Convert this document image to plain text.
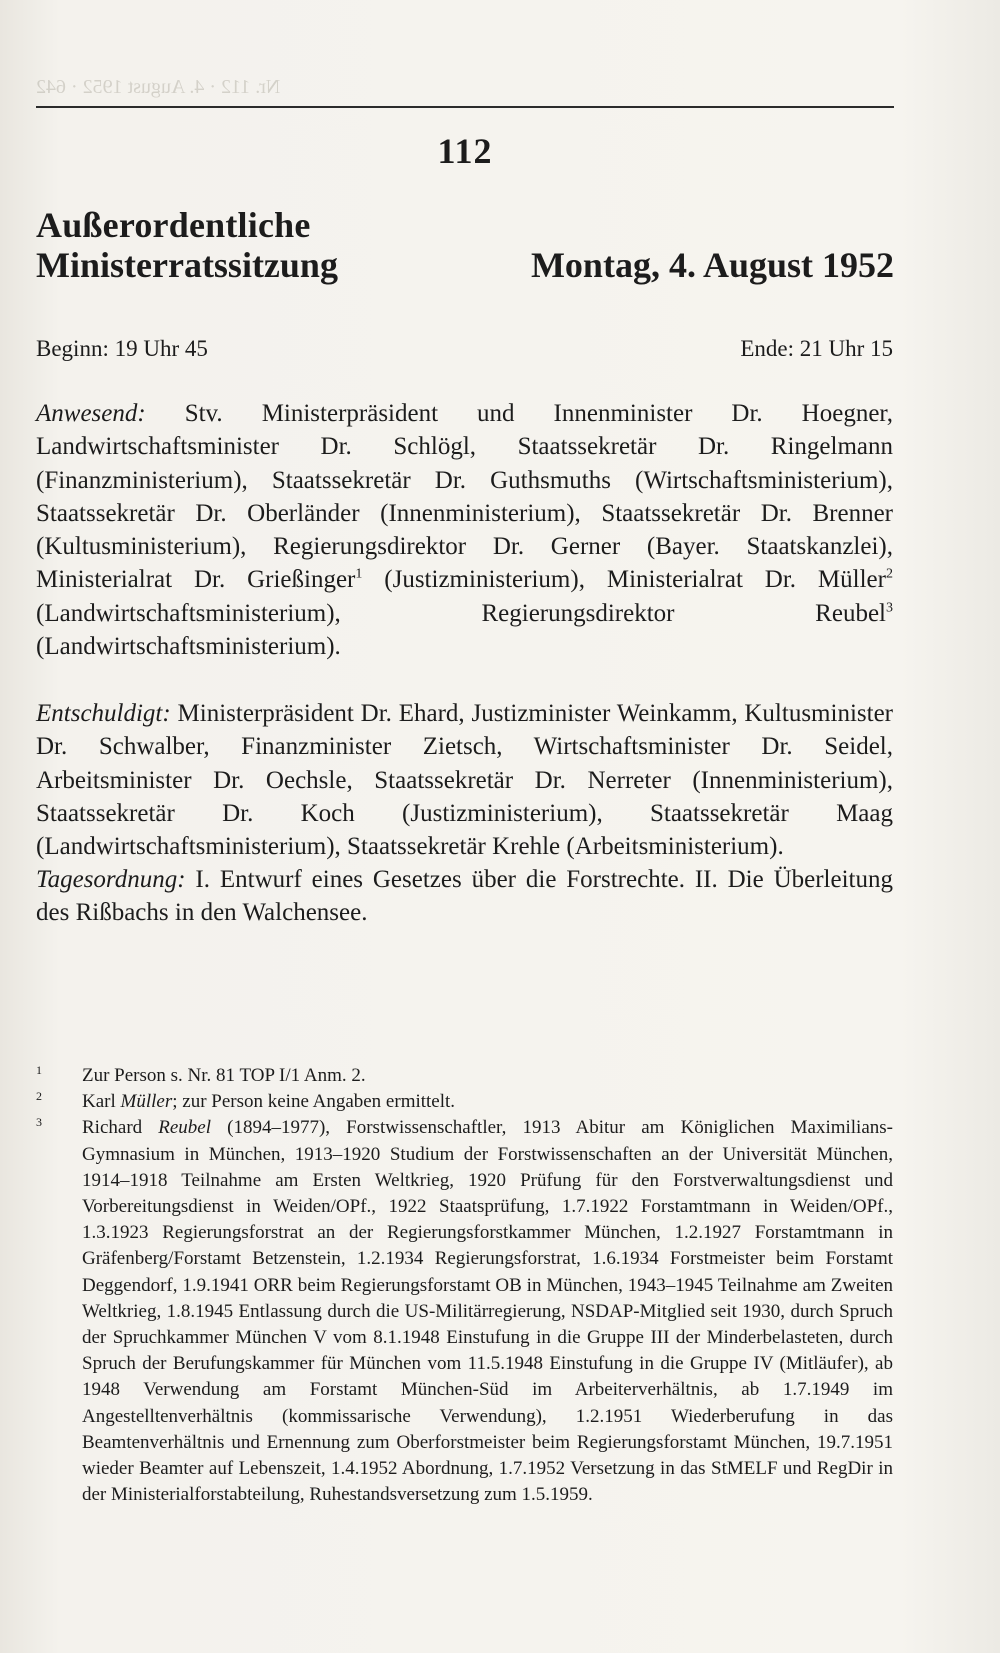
Nr. 112 · 4. August 1952 · 642
112
Außerordentliche
Ministerratssitzung	Montag, 4. August 1952
Beginn: 19 Uhr 45	Ende: 21 Uhr 15
Anwesend: Stv. Ministerpräsident und Innenminister Dr. Hoegner, Landwirtschaftsminister Dr. Schlögl, Staatssekretär Dr. Ringelmann (Finanzministerium), Staatssekretär Dr. Guthsmuths (Wirtschaftsministerium), Staatssekretär Dr. Oberländer (Innenministerium), Staatssekretär Dr. Brenner (Kultusministerium), Regierungsdirektor Dr. Gerner (Bayer. Staatskanzlei), Ministerialrat Dr. Grießinger$^1$ (Justizministerium), Ministerialrat Dr. Müller$^2$ (Landwirtschaftsministerium), Regierungsdirektor Reubel$^3$ (Landwirtschaftsministerium).
Entschuldigt: Ministerpräsident Dr. Ehard, Justizminister Weinkamm, Kultusminister Dr. Schwalber, Finanzminister Zietsch, Wirtschaftsminister Dr. Seidel, Arbeitsminister Dr. Oechsle, Staatssekretär Dr. Nerreter (Innenministerium), Staatssekretär Dr. Koch (Justizministerium), Staatssekretär Maag (Landwirtschaftsministerium), Staatssekretär Krehle (Arbeitsministerium).
Tagesordnung: I. Entwurf eines Gesetzes über die Forstrechte. II. Die Überleitung des Rißbachs in den Walchensee.
1 Zur Person s. Nr. 81 TOP I/1 Anm. 2.
2 Karl Müller; zur Person keine Angaben ermittelt.
3 Richard Reubel (1894–1977), Forstwissenschaftler, 1913 Abitur am Königlichen Maximilians-Gymnasium in München, 1913–1920 Studium der Forstwissenschaften an der Universität München, 1914–1918 Teilnahme am Ersten Weltkrieg, 1920 Prüfung für den Forstverwaltungsdienst und Vorbereitungsdienst in Weiden/OPf., 1922 Staatsprüfung, 1.7.1922 Forstamtmann in Weiden/OPf., 1.3.1923 Regierungsforstrat an der Regierungsforstkammer München, 1.2.1927 Forstamtmann in Gräfenberg/Forstamt Betzenstein, 1.2.1934 Regierungsforstrat, 1.6.1934 Forstmeister beim Forstamt Deggendorf, 1.9.1941 ORR beim Regierungsforstamt OB in München, 1943–1945 Teilnahme am Zweiten Weltkrieg, 1.8.1945 Entlassung durch die US-Militärregierung, NSDAP-Mitglied seit 1930, durch Spruch der Spruchkammer München V vom 8.1.1948 Einstufung in die Gruppe III der Minderbelasteten, durch Spruch der Berufungskammer für München vom 11.5.1948 Einstufung in die Gruppe IV (Mitläufer), ab 1948 Verwendung am Forstamt München-Süd im Arbeiterverhältnis, ab 1.7.1949 im Angestelltenverhältnis (kommissarische Verwendung), 1.2.1951 Wiederberufung in das Beamtenverhältnis und Ernennung zum Oberforstmeister beim Regierungsforstamt München, 19.7.1951 wieder Beamter auf Lebenszeit, 1.4.1952 Abordnung, 1.7.1952 Versetzung in das StMELF und RegDir in der Ministerialforstabteilung, Ruhestandsversetzung zum 1.5.1959.
